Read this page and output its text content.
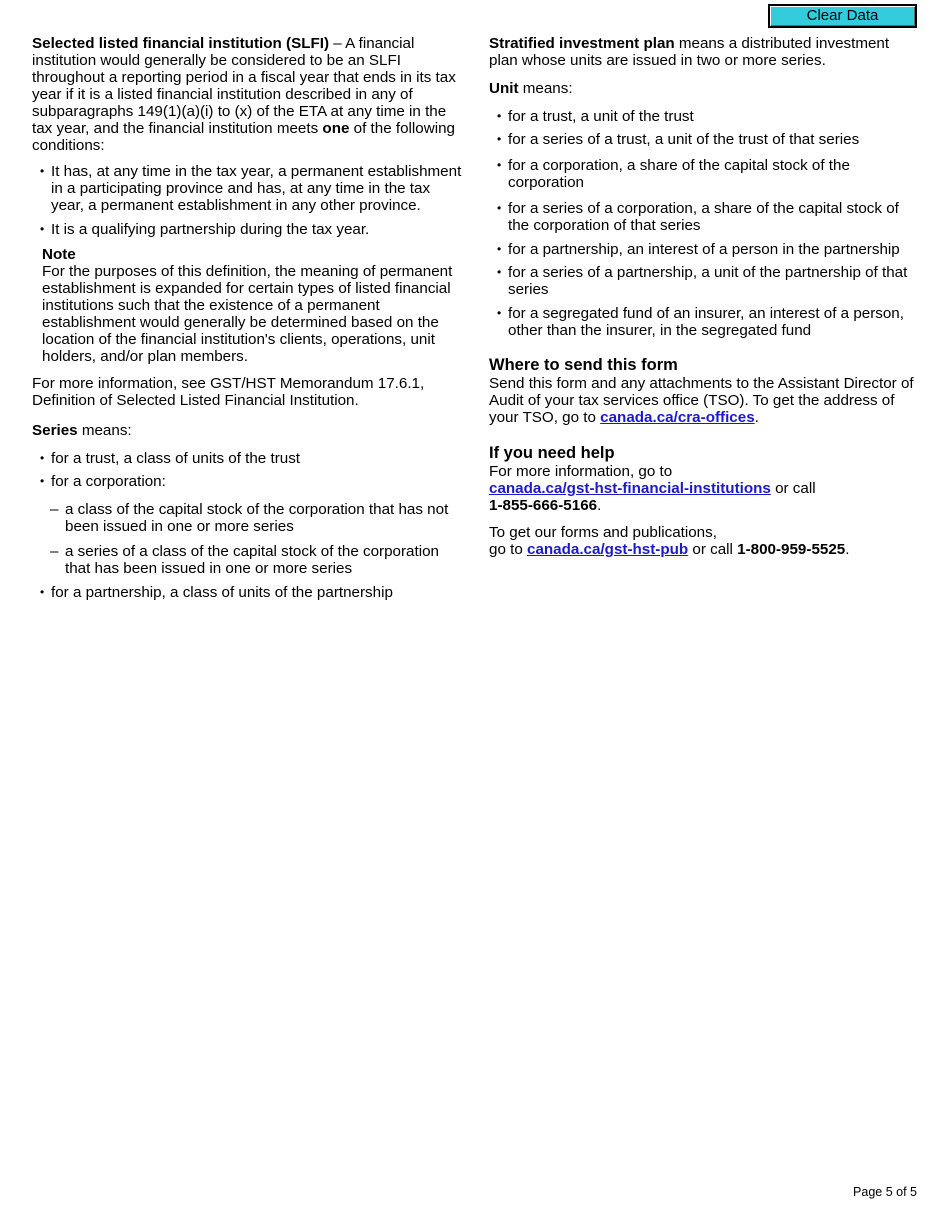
Clear Data

Selected listed financial institution (SLFI) – A financial institution would generally be considered to be an SLFI throughout a reporting period in a fiscal year that ends in its tax year if it is a listed financial institution described in any of subparagraphs 149(1)(a)(i) to (x) of the ETA at any time in the tax year, and the financial institution meets one of the following conditions:

• It has, at any time in the tax year, a permanent establishment in a participating province and has, at any time in the tax year, a permanent establishment in any other province.
• It is a qualifying partnership during the tax year.

Note

For the purposes of this definition, the meaning of permanent establishment is expanded for certain types of listed financial institutions such that the existence of a permanent establishment would generally be determined based on the location of the financial institution's clients, operations, unit holders, and/or plan members.

For more information, see GST/HST Memorandum 17.6.1, Definition of Selected Listed Financial Institution.

Series means:

• for a trust, a class of units of the trust
• for a corporation:
– a class of the capital stock of the corporation that has not been issued in one or more series
– a series of a class of the capital stock of the corporation that has been issued in one or more series
• for a partnership, a class of units of the partnership

Stratified investment plan means a distributed investment plan whose units are issued in two or more series.

Unit means:

• for a trust, a unit of the trust
• for a series of a trust, a unit of the trust of that series
• for a corporation, a share of the capital stock of the corporation
• for a series of a corporation, a share of the capital stock of the corporation of that series
• for a partnership, an interest of a person in the partnership
• for a series of a partnership, a unit of the partnership of that series
• for a segregated fund of an insurer, an interest of a person, other than the insurer, in the segregated fund
Where to send this form

Send this form and any attachments to the Assistant Director of Audit of your tax services office (TSO). To get the address of your TSO, go to canada.ca/cra-offices.

If you need help

For more information, go to
canada.ca/gst-hst-financial-institutions or call
1-855-666-5166.

To get our forms and publications,
go to canada.ca/gst-hst-pub or call 1-800-959-5525.

Page 5 of 5
